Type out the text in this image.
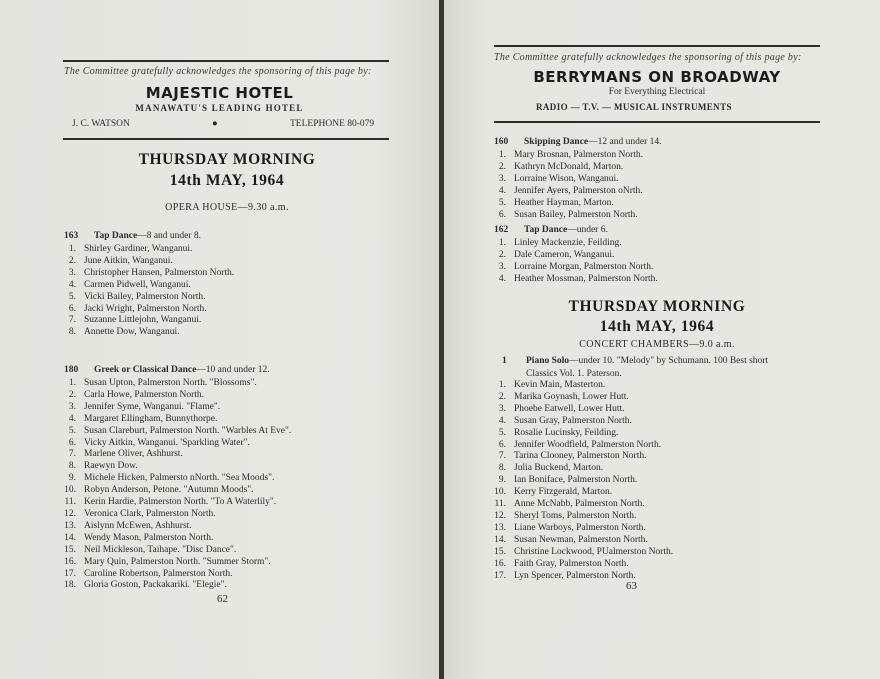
The Committee gratefully acknowledges the sponsoring of this page by:
MAJESTIC HOTEL
MANAWATU'S LEADING HOTEL
J. C. WATSON	●	TELEPHONE 80-079
THURSDAY MORNING
14th MAY, 1964
OPERA HOUSE—9.30 a.m.
163 Tap Dance—8 and under 8.
1. Shirley Gardiner, Wanganui.
2. June Aitkin, Wanganui.
3. Christopher Hansen, Palmerston North.
4. Carmen Pidwell, Wanganui.
5. Vicki Bailey, Palmerston North.
6. Jacki Wright, Palmerston North.
7. Suzanne Littlejohn, Wanganui.
8. Annette Dow, Wanganui.
180 Greek or Classical Dance—10 and under 12.
1. Susan Upton, Palmerston North. "Blossoms".
2. Carla Howe, Palmerston North.
3. Jennifer Syme, Wanganui. "Flame".
4. Margaret Ellingham, Bunnythorpe.
5. Susan Clareburt, Palmerston North. "Warbles At Eve".
6. Vicky Aitkin, Wanganui. 'Sparkling Water".
7. Marlene Oliver, Ashhurst.
8. Raewyn Dow.
9. Michele Hicken, Palmersto nNorth. "Sea Moods".
10. Robyn Anderson, Petone. "Autumn Moods".
11. Kerin Hardie, Palmerston North. "To A Waterlily".
12. Veronica Clark, Palmerston North.
13. Aislynn McEwen, Ashhurst.
14. Wendy Mason, Palmerston North.
15. Neil Mickleson, Taihape. "Disc Dance".
16. Mary Quin, Palmerston North. "Summer Storm".
17. Caroline Robertson, Palmerston North.
18. Gloria Goston, Packakariki. "Elegie".
62
The Committee gratefully acknowledges the sponsoring of this page by:
BERRYMANS ON BROADWAY
For Everything Electrical
RADIO — T.V. — MUSICAL INSTRUMENTS
160 Skipping Dance—12 and under 14.
1. Mary Brosnan, Palmerston North.
2. Kathryn McDonald, Marton.
3. Lorraine Wison, Wanganui.
4. Jennifer Ayers, Palmerston oNrth.
5. Heather Hayman, Marton.
6. Susan Bailey, Palmerston North.
162 Tap Dance—under 6.
1. Linley Mackenzie, Feilding.
2. Dale Cameron, Wanganui.
3. Lorraine Morgan, Palmerston North.
4. Heather Mossman, Palmerston North.
THURSDAY MORNING
14th MAY, 1964
CONCERT CHAMBERS—9.0 a.m.
1 Piano Solo—under 10. "Melody" by Schumann. 100 Best short
Classics Vol. 1. Paterson.
1. Kevin Main, Masterton.
2. Marika Goynash, Lower Hutt.
3. Phoebe Eatwell, Lower Hutt.
4. Susan Gray, Palmerston North.
5. Rosalie Lucinsky, Feilding.
6. Jennifer Woodfield, Palmerston North.
7. Tarina Clooney, Palmerston North.
8. Julia Buckend, Marton.
9. Ian Boniface, Palmerston North.
10. Kerry Fitzgerald, Marton.
11. Anne McNabb, Palmerston North.
12. Sheryl Toms, Palmerston North.
13. Liane Warboys, Palmerston North.
14. Susan Newman, Palmerston North.
15. Christine Lockwood, PUalmerston North.
16. Faith Gray, Palmerston North.
17. Lyn Spencer, Palmerston North.
63
